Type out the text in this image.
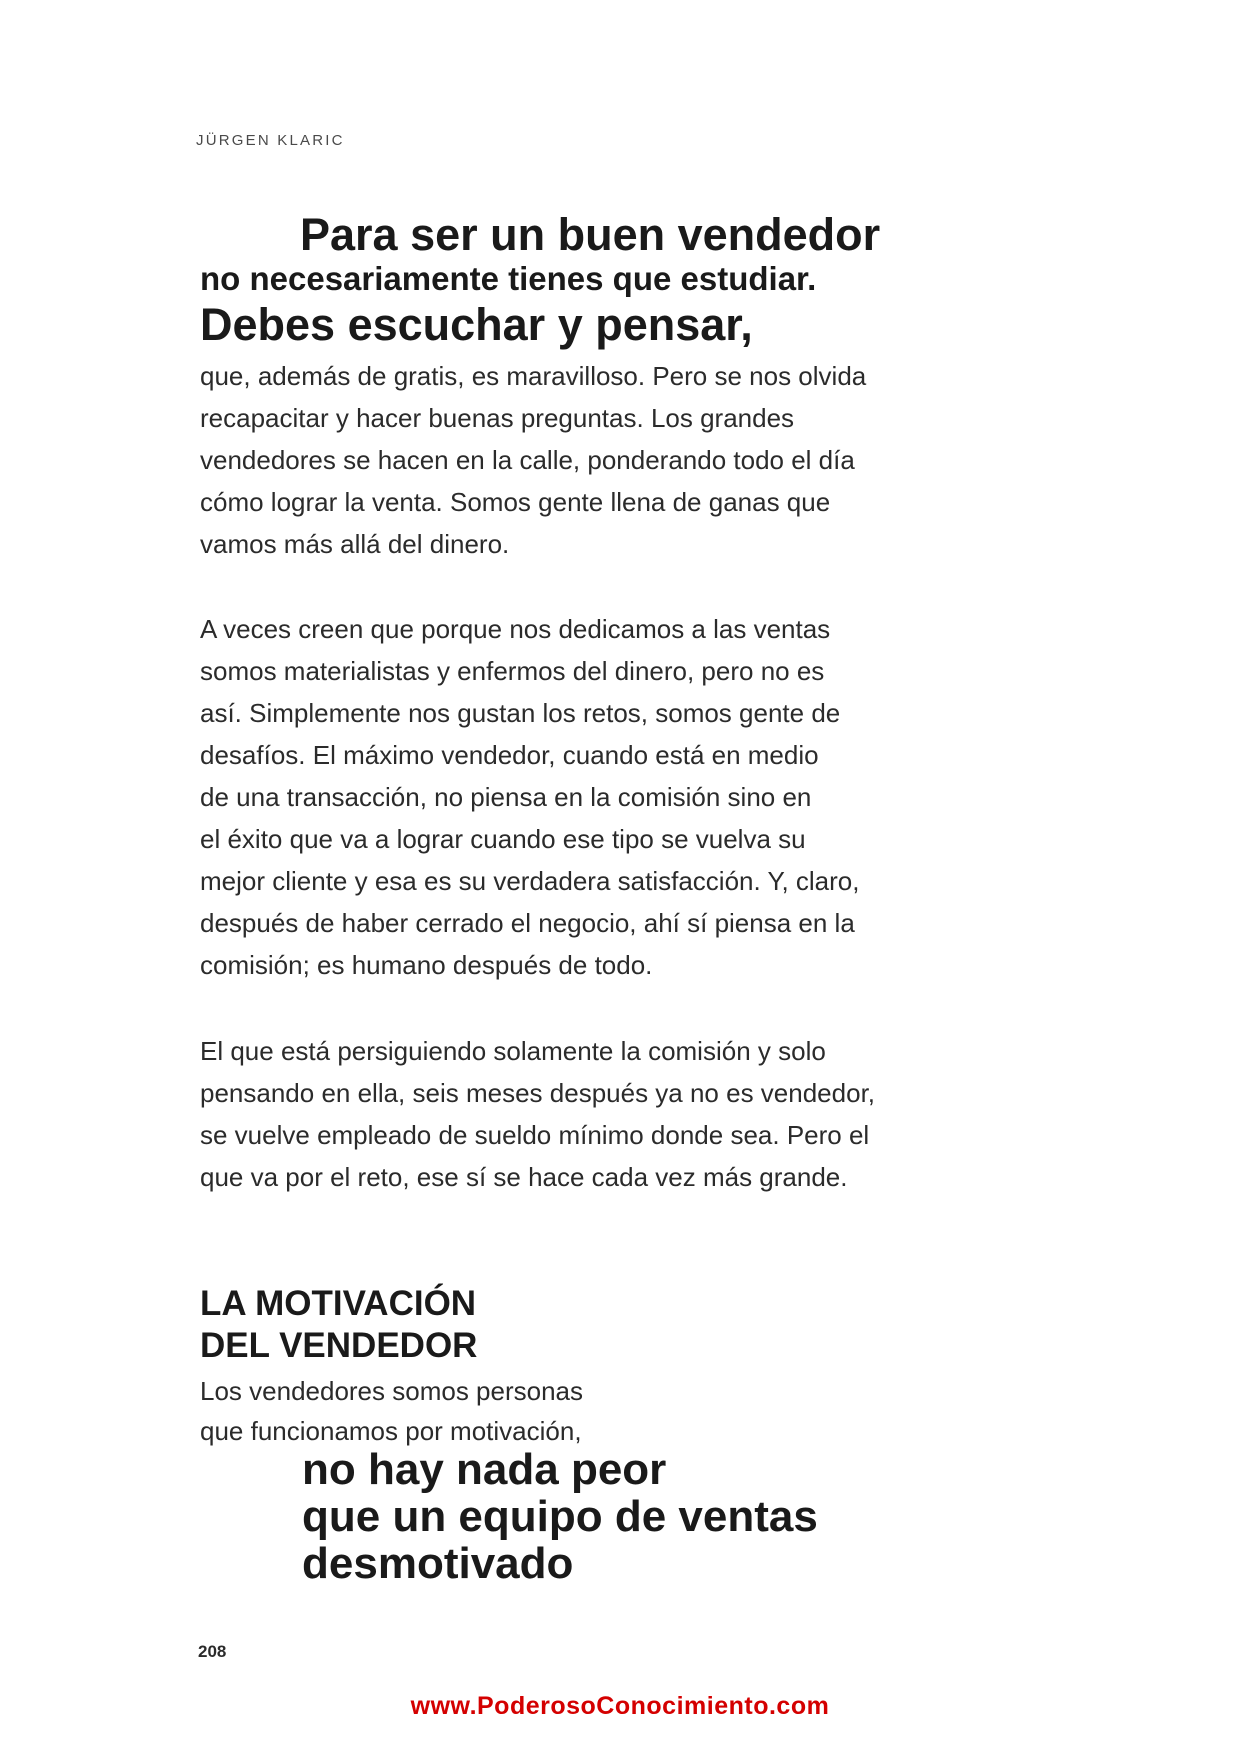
JÜRGEN KLARIC
Para ser un buen vendedor
no necesariamente tienes que estudiar.
Debes escuchar y pensar,
que, además de gratis, es maravilloso. Pero se nos olvida
recapacitar y hacer buenas preguntas. Los grandes
vendedores se hacen en la calle, ponderando todo el día
cómo lograr la venta. Somos gente llena de ganas que
vamos más allá del dinero.
A veces creen que porque nos dedicamos a las ventas
somos materialistas y enfermos del dinero, pero no es
así. Simplemente nos gustan los retos, somos gente de
desafíos. El máximo vendedor, cuando está en medio
de una transacción, no piensa en la comisión sino en
el éxito que va a lograr cuando ese tipo se vuelva su
mejor cliente y esa es su verdadera satisfacción. Y, claro,
después de haber cerrado el negocio, ahí sí piensa en la
comisión; es humano después de todo.
El que está persiguiendo solamente la comisión y solo
pensando en ella, seis meses después ya no es vendedor,
se vuelve empleado de sueldo mínimo donde sea. Pero el
que va por el reto, ese sí se hace cada vez más grande.
LA MOTIVACIÓN
DEL VENDEDOR
Los vendedores somos personas
que funcionamos por motivación,
no hay nada peor
que un equipo de ventas
desmotivado
208
www.PoderosoConocimiento.com
